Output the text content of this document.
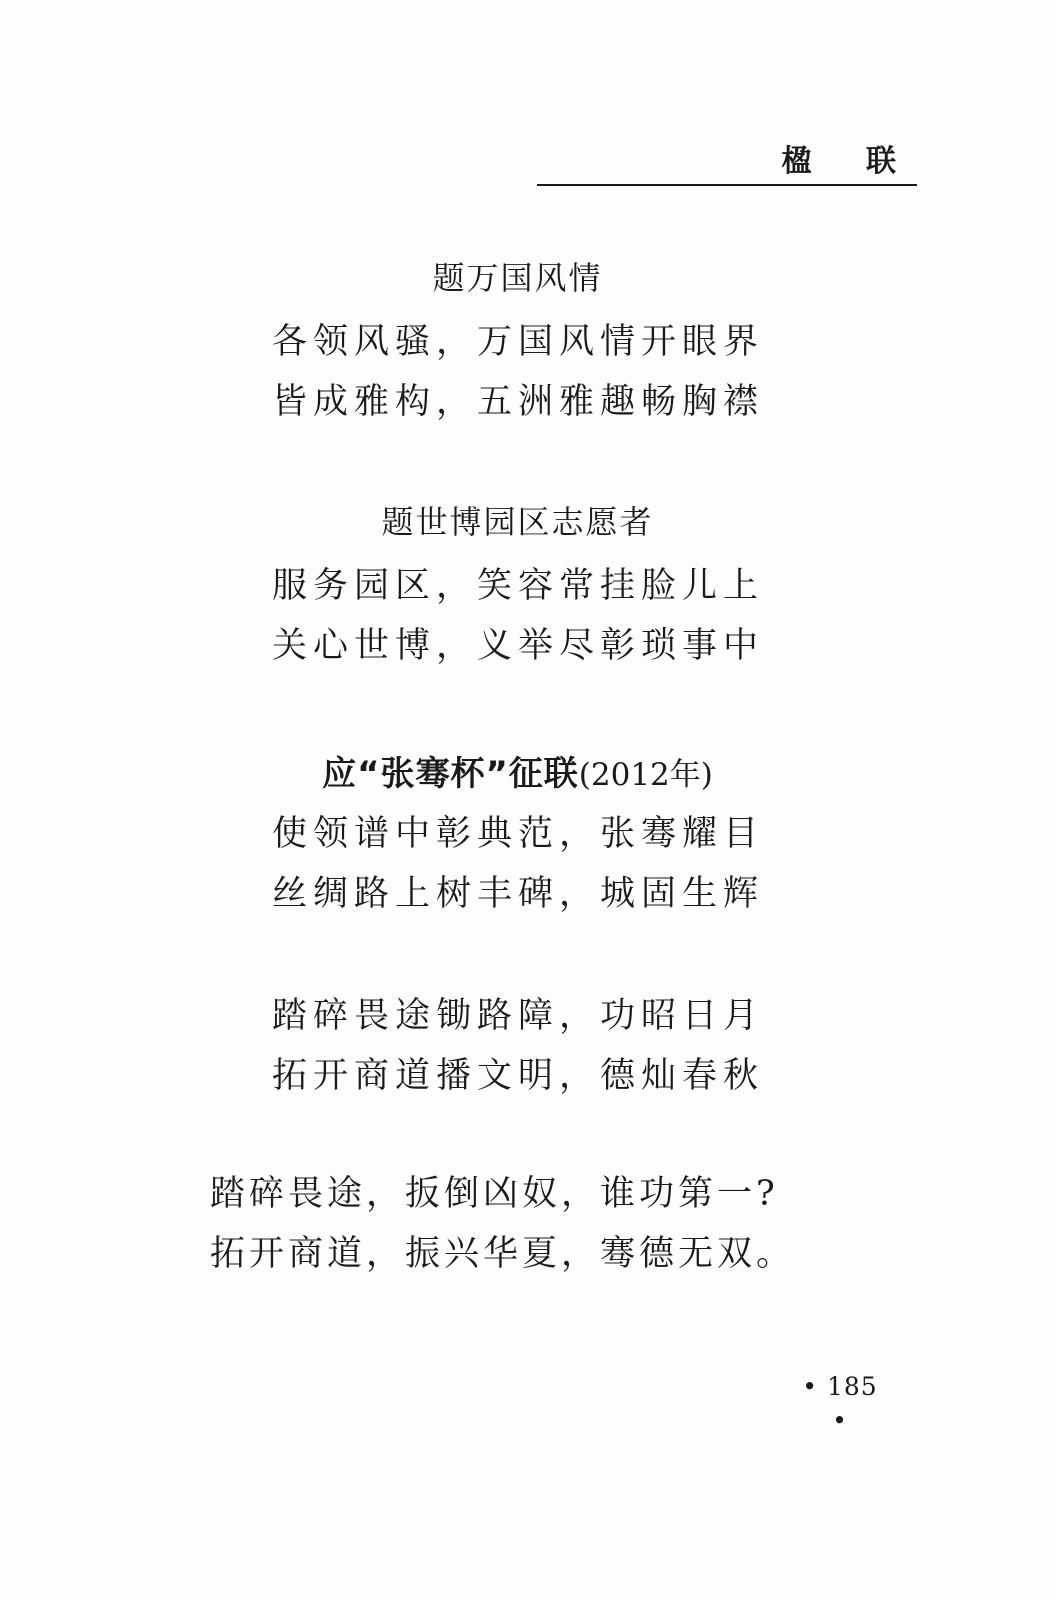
楹 联
题万国风情
各领风骚，万国风情开眼界
皆成雅构，五洲雅趣畅胸襟
题世博园区志愿者
服务园区，笑容常挂脸儿上
关心世博，义举尽彰琐事中
应“张骞杯”征联(2012年)
使领谱中彰典范，张骞耀目
丝绸路上树丰碑，城固生辉
踏碎畏途锄路障，功昭日月
拓开商道播文明，德灿春秋
踏碎畏途，扳倒凶奴，谁功第一?
拓开商道，振兴华夏，骞德无双。
• 185 •
